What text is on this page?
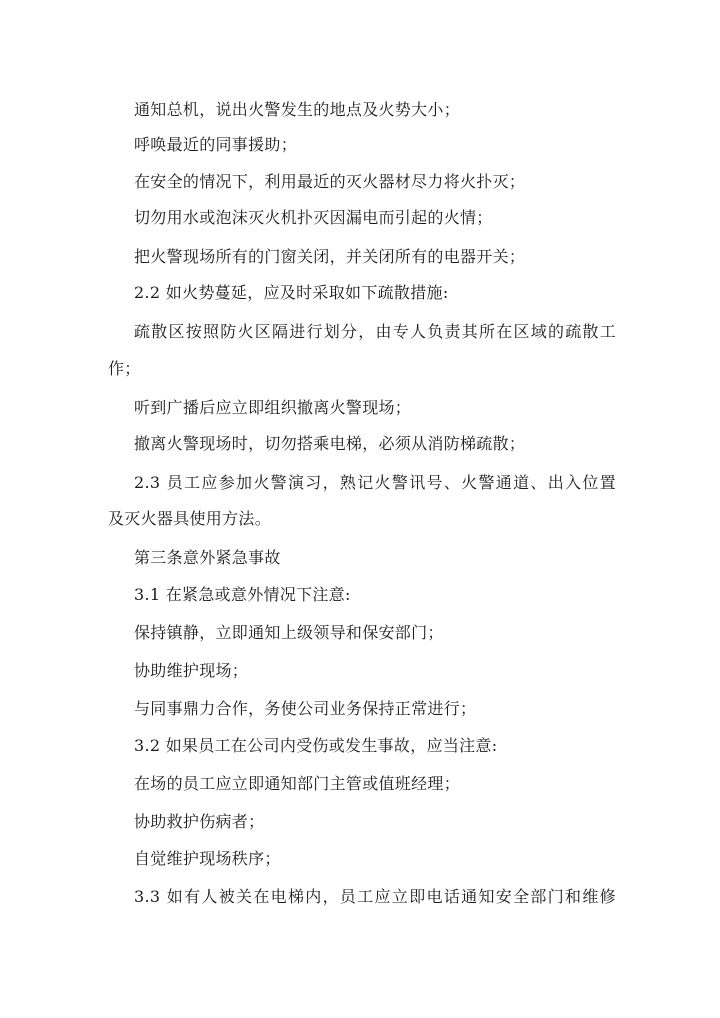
通知总机，说出火警发生的地点及火势大小；
呼唤最近的同事援助；
在安全的情况下，利用最近的灭火器材尽力将火扑灭；
切勿用水或泡沫灭火机扑灭因漏电而引起的火情；
把火警现场所有的门窗关闭，并关闭所有的电器开关；
2.2 如火势蔓延，应及时采取如下疏散措施:
疏散区按照防火区隔进行划分，由专人负责其所在区域的疏散工
作；
听到广播后应立即组织撤离火警现场；
撤离火警现场时，切勿搭乘电梯，必须从消防梯疏散；
2.3 员工应参加火警演习，熟记火警讯号、火警通道、出入位置
及灭火器具使用方法。
第三条意外紧急事故
3.1 在紧急或意外情况下注意:
保持镇静，立即通知上级领导和保安部门；
协助维护现场；
与同事鼎力合作，务使公司业务保持正常进行；
3.2 如果员工在公司内受伤或发生事故，应当注意:
在场的员工应立即通知部门主管或值班经理；
协助救护伤病者；
自觉维护现场秩序；
3.3 如有人被关在电梯内，员工应立即电话通知安全部门和维修
